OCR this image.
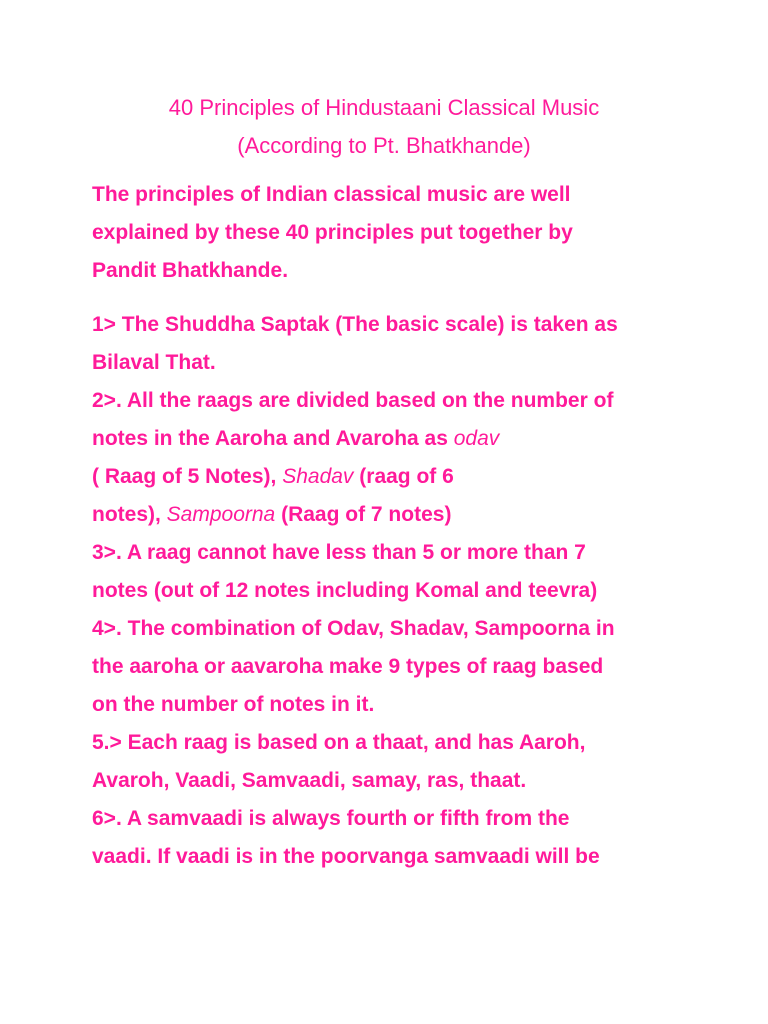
40 Principles of Hindustaani Classical Music
(According to Pt. Bhatkhande)
The principles of Indian classical music are well
explained by these 40 principles put together by
Pandit Bhatkhande.
1> The Shuddha Saptak (The basic scale) is taken as
Bilaval That.
2>. All the raags are divided based on the number of
notes in the Aaroha and Avaroha as odav
( Raag of 5 Notes), Shadav (raag of 6
notes), Sampoorna (Raag of 7 notes)
3>. A raag cannot have less than 5 or more than 7
notes (out of 12 notes including Komal and teevra)
4>. The combination of Odav, Shadav, Sampoorna in
the aaroha or aavaroha make 9 types of raag based
on the number of notes in it.
5.> Each raag is based on a thaat, and has Aaroh,
Avaroh, Vaadi, Samvaadi, samay, ras, thaat.
6>. A samvaadi is always fourth or fifth from the
vaadi. If vaadi is in the poorvanga samvaadi will be
